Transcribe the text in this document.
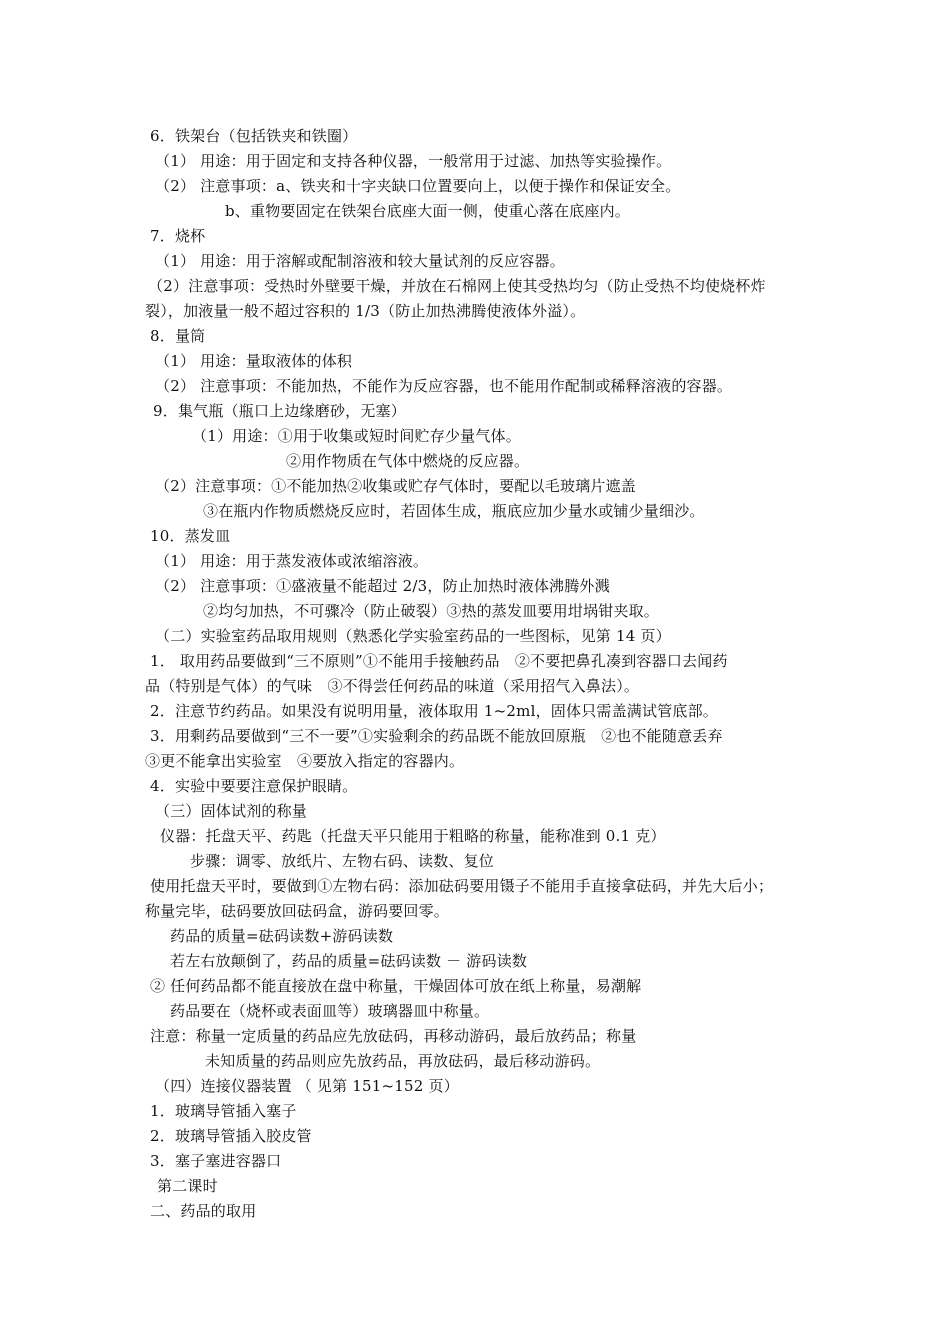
6．铁架台（包括铁夹和铁圈）
（1） 用途：用于固定和支持各种仪器，一般常用于过滤、加热等实验操作。
（2） 注意事项：a、铁夹和十字夹缺口位置要向上，以便于操作和保证安全。
b、重物要固定在铁架台底座大面一侧，使重心落在底座内。
7．烧杯
（1） 用途：用于溶解或配制溶液和较大量试剂的反应容器。
（2）注意事项：受热时外壁要干燥，并放在石棉网上使其受热均匀（防止受热不均使烧杯炸
裂），加液量一般不超过容积的 1/3（防止加热沸腾使液体外溢）。
8．量筒
（1） 用途：量取液体的体积
（2） 注意事项：不能加热，不能作为反应容器，也不能用作配制或稀释溶液的容器。
9．集气瓶（瓶口上边缘磨砂，无塞）
（1）用途：①用于收集或短时间贮存少量气体。
②用作物质在气体中燃烧的反应器。
（2）注意事项：①不能加热②收集或贮存气体时，要配以毛玻璃片遮盖
③在瓶内作物质燃烧反应时，若固体生成，瓶底应加少量水或铺少量细沙。
10．蒸发皿
（1） 用途：用于蒸发液体或浓缩溶液。
（2） 注意事项：①盛液量不能超过 2/3，防止加热时液体沸腾外溅
②均匀加热，不可骤冷（防止破裂）③热的蒸发皿要用坩埚钳夹取。
（二）实验室药品取用规则（熟悉化学实验室药品的一些图标，见第 14 页）
1． 取用药品要做到“三不原则”①不能用手接触药品　②不要把鼻孔凑到容器口去闻药
品（特别是气体）的气味　③不得尝任何药品的味道（采用招气入鼻法）。
2．注意节约药品。如果没有说明用量，液体取用 1~2ml，固体只需盖满试管底部。
3．用剩药品要做到“三不一要”①实验剩余的药品既不能放回原瓶　②也不能随意丢弃
③更不能拿出实验室　④要放入指定的容器内。
4．实验中要要注意保护眼睛。
（三）固体试剂的称量
仪器：托盘天平、药匙（托盘天平只能用于粗略的称量，能称准到 0.1 克）
步骤：调零、放纸片、左物右码、读数、复位
使用托盘天平时，要做到①左物右码：添加砝码要用镊子不能用手直接拿砝码，并先大后小；
称量完毕，砝码要放回砝码盒，游码要回零。
药品的质量=砝码读数+游码读数
若左右放颠倒了，药品的质量=砝码读数 － 游码读数
② 任何药品都不能直接放在盘中称量，干燥固体可放在纸上称量，易潮解
药品要在（烧杯或表面皿等）玻璃器皿中称量。
注意：称量一定质量的药品应先放砝码，再移动游码，最后放药品；称量
未知质量的药品则应先放药品，再放砝码，最后移动游码。
（四）连接仪器装置 （ 见第 151~152 页）
1．玻璃导管插入塞子
2．玻璃导管插入胶皮管
3．塞子塞进容器口
第二课时
二、药品的取用
